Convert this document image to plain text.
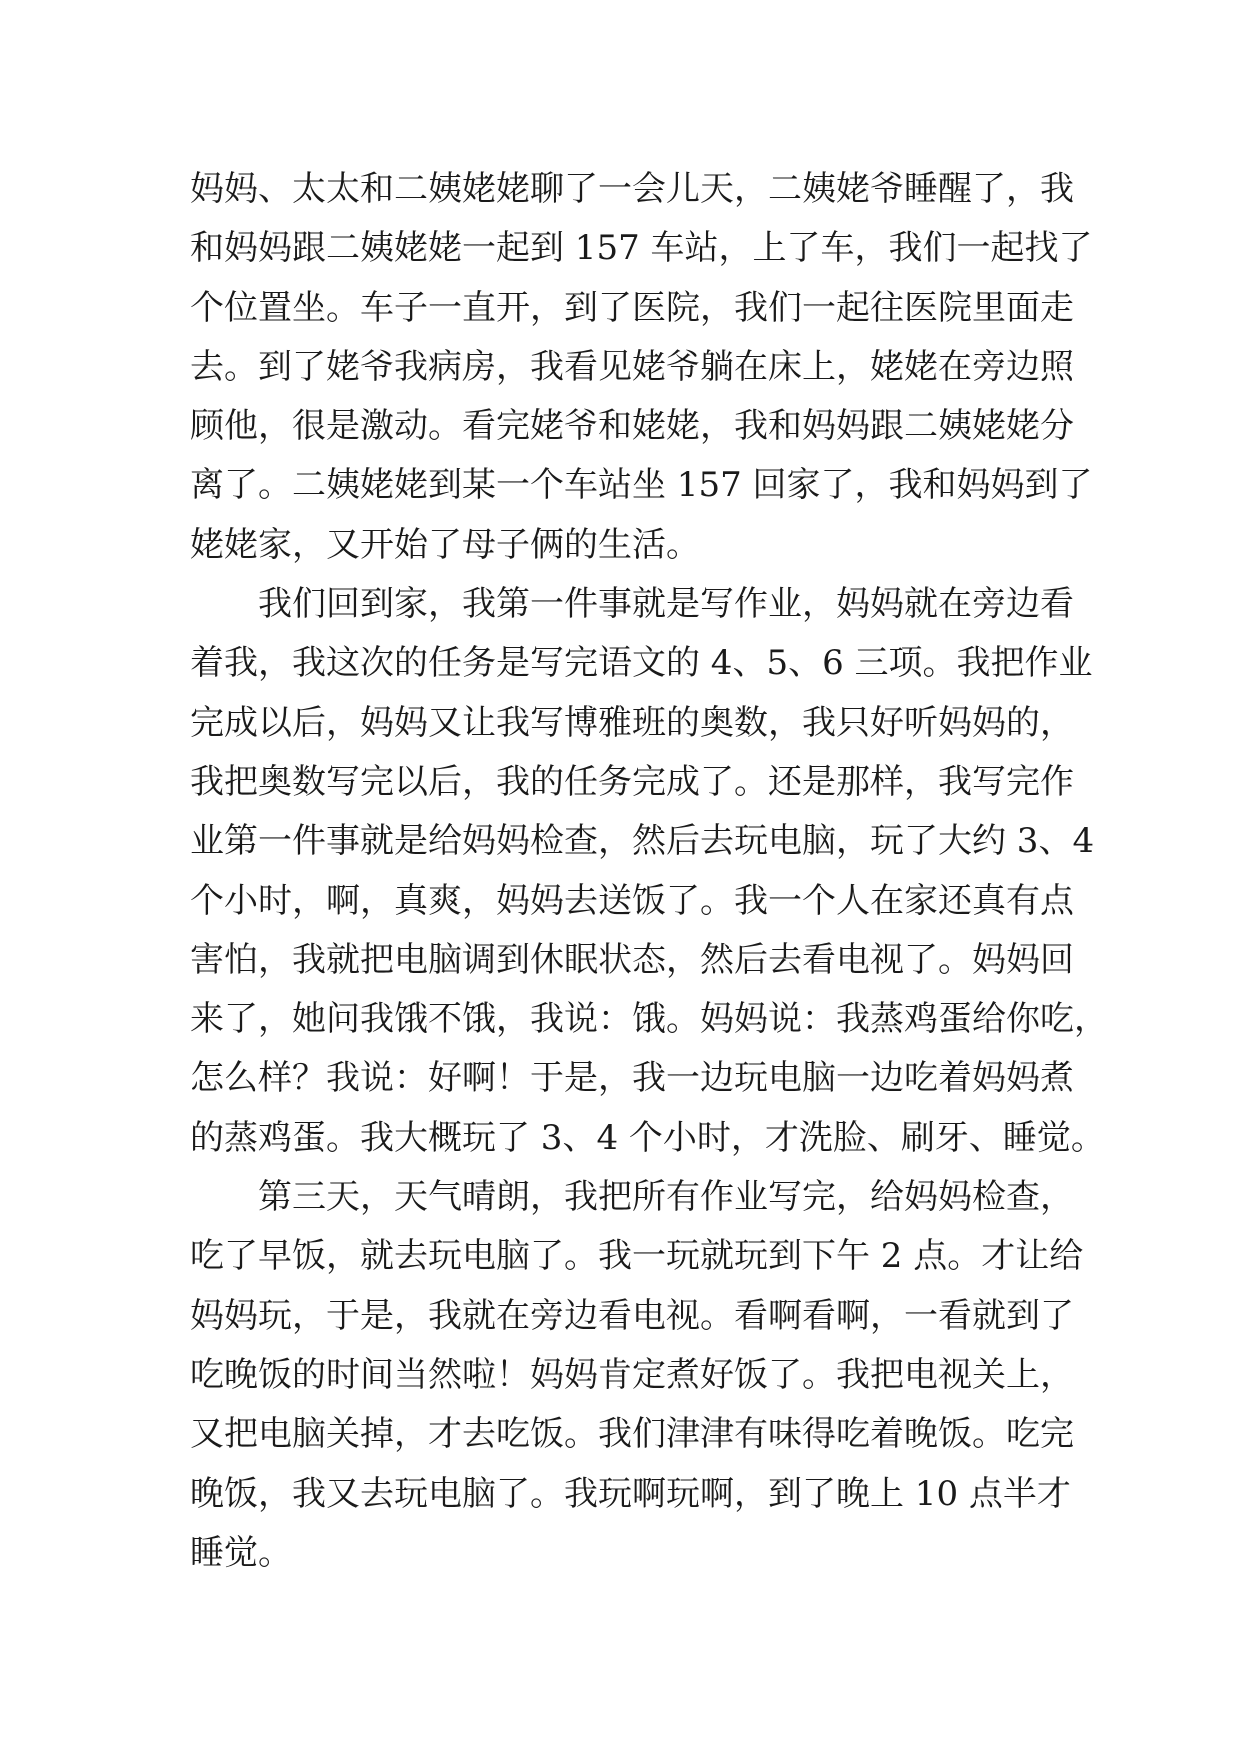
妈妈、太太和二姨姥姥聊了一会儿天，二姨姥爷睡醒了，我
和妈妈跟二姨姥姥一起到 157 车站，上了车，我们一起找了
个位置坐。车子一直开，到了医院，我们一起往医院里面走
去。到了姥爷我病房，我看见姥爷躺在床上，姥姥在旁边照
顾他，很是激动。看完姥爷和姥姥，我和妈妈跟二姨姥姥分
离了。二姨姥姥到某一个车站坐 157 回家了，我和妈妈到了
姥姥家，又开始了母子俩的生活。
我们回到家，我第一件事就是写作业，妈妈就在旁边看
着我，我这次的任务是写完语文的 4、5、6 三项。我把作业
完成以后，妈妈又让我写博雅班的奥数，我只好听妈妈的，
我把奥数写完以后，我的任务完成了。还是那样，我写完作
业第一件事就是给妈妈检查，然后去玩电脑，玩了大约 3、4
个小时，啊，真爽，妈妈去送饭了。我一个人在家还真有点
害怕，我就把电脑调到休眠状态，然后去看电视了。妈妈回
来了，她问我饿不饿，我说：饿。妈妈说：我蒸鸡蛋给你吃，
怎么样？我说：好啊！于是，我一边玩电脑一边吃着妈妈煮
的蒸鸡蛋。我大概玩了 3、4 个小时，才洗脸、刷牙、睡觉。
第三天，天气晴朗，我把所有作业写完，给妈妈检查，
吃了早饭，就去玩电脑了。我一玩就玩到下午 2 点。才让给
妈妈玩，于是，我就在旁边看电视。看啊看啊，一看就到了
吃晚饭的时间当然啦！妈妈肯定煮好饭了。我把电视关上，
又把电脑关掉，才去吃饭。我们津津有味得吃着晚饭。吃完
晚饭，我又去玩电脑了。我玩啊玩啊，到了晚上 10 点半才
睡觉。
